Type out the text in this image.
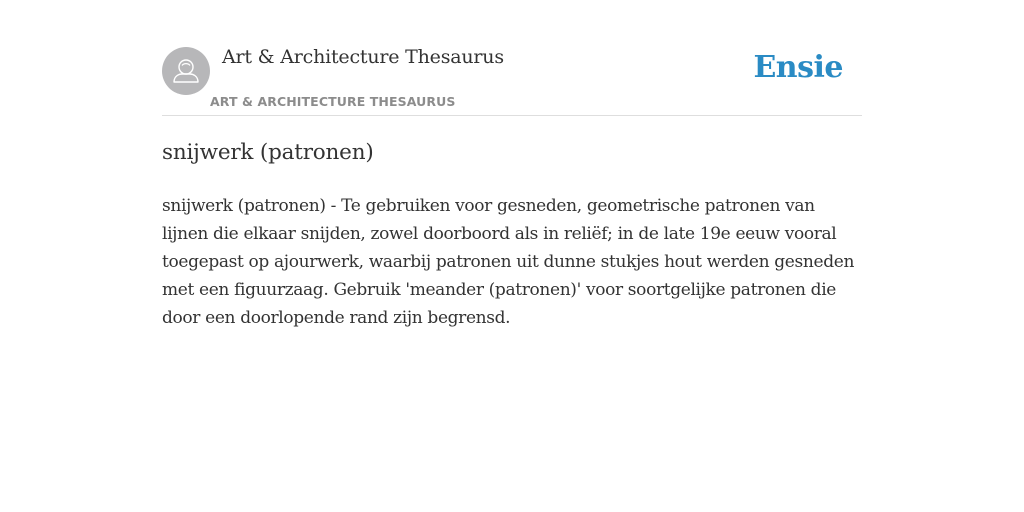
Art & Architecture Thesaurus
ART & ARCHITECTURE THESAURUS
Ensie
snijwerk (patronen)

snijwerk (patronen) - Te gebruiken voor gesneden, geometrische patronen van lijnen die elkaar snijden, zowel doorboord als in reliëf; in de late 19e eeuw vooral toegepast op ajourwerk, waarbij patronen uit dunne stukjes hout werden gesneden met een figuurzaag. Gebruik 'meander (patronen)' voor soortgelijke patronen die door een doorlopende rand zijn begrensd.
